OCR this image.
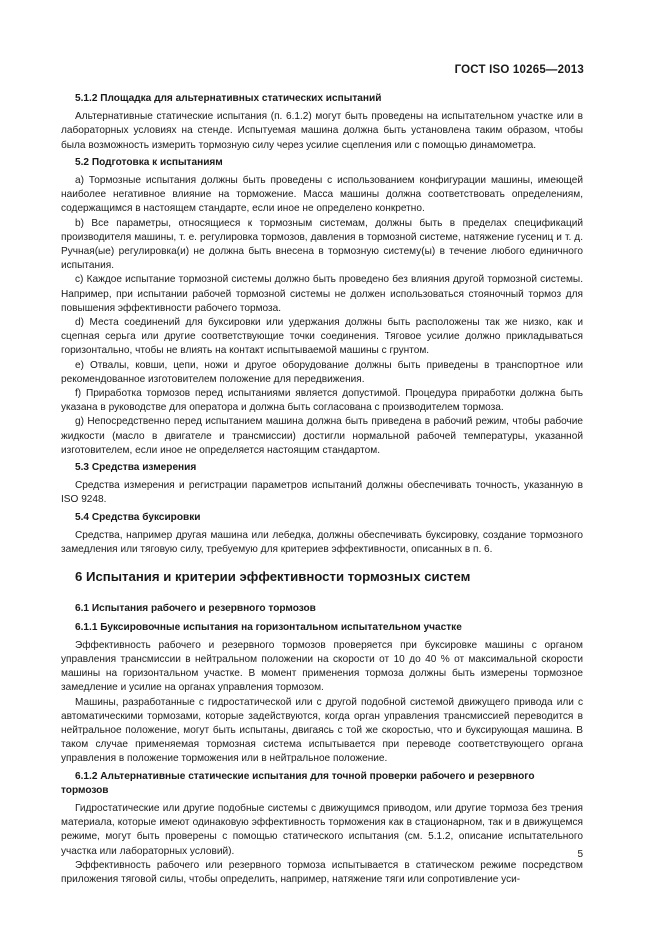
ГОСТ ISO 10265—2013
5.1.2 Площадка для альтернативных статических испытаний

Альтернативные статические испытания (п. 6.1.2) могут быть проведены на испытательном участке или в лабораторных условиях на стенде. Испытуемая машина должна быть установлена таким образом, чтобы была возможность измерить тормозную силу через усилие сцепления или с помощью динамометра.

5.2 Подготовка к испытаниям

а) Тормозные испытания должны быть проведены с использованием конфигурации машины, имеющей наиболее негативное влияние на торможение. Масса машины должна соответствовать определениям, содержащимся в настоящем стандарте, если иное не определено конкретно.

b) Все параметры, относящиеся к тормозным системам, должны быть в пределах спецификаций производителя машины, т. е. регулировка тормозов, давления в тормозной системе, натяжение гусениц и т. д. Ручная(ые) регулировка(и) не должна быть внесена в тормозную систему(ы) в течение любого единичного испытания.

с) Каждое испытание тормозной системы должно быть проведено без влияния другой тормозной системы. Например, при испытании рабочей тормозной системы не должен использоваться стояночный тормоз для повышения эффективности рабочего тормоза.

d) Места соединений для буксировки или удержания должны быть расположены так же низко, как и сцепная серьга или другие соответствующие точки соединения. Тяговое усилие должно прикладываться горизонтально, чтобы не влиять на контакт испытываемой машины с грунтом.

е) Отвалы, ковши, цепи, ножи и другое оборудование должны быть приведены в транспортное или рекомендованное изготовителем положение для передвижения.

f) Приработка тормозов перед испытаниями является допустимой. Процедура приработки должна быть указана в руководстве для оператора и должна быть согласована с производителем тормоза.

g) Непосредственно перед испытанием машина должна быть приведена в рабочий режим, чтобы рабочие жидкости (масло в двигателе и трансмиссии) достигли нормальной рабочей температуры, указанной изготовителем, если иное не определяется настоящим стандартом.

5.3 Средства измерения

Средства измерения и регистрации параметров испытаний должны обеспечивать точность, указанную в ISO 9248.

5.4 Средства буксировки

Средства, например другая машина или лебедка, должны обеспечивать буксировку, создание тормозного замедления или тяговую силу, требуемую для критериев эффективности, описанных в п. 6.

6 Испытания и критерии эффективности тормозных систем
6.1 Испытания рабочего и резервного тормозов
6.1.1 Буксировочные испытания на горизонтальном испытательном участке

Эффективность рабочего и резервного тормозов проверяется при буксировке машины с органом управления трансмиссии в нейтральном положении на скорости от 10 до 40 % от максимальной скорости машины на горизонтальном участке. В момент применения тормоза должны быть измерены тормозное замедление и усилие на органах управления тормозом.

Машины, разработанные с гидростатической или с другой подобной системой движущего привода или с автоматическими тормозами, которые задействуются, когда орган управления трансмиссией переводится в нейтральное положение, могут быть испытаны, двигаясь с той же скоростью, что и буксирующая машина. В таком случае применяемая тормозная система испытывается при переводе соответствующего органа управления в положение торможения или в нейтральное положение.

6.1.2 Альтернативные статические испытания для точной проверки рабочего и резервного тормозов

Гидростатические или другие подобные системы с движущимся приводом, или другие тормоза без трения материала, которые имеют одинаковую эффективность торможения как в стационарном, так и в движущемся режиме, могут быть проверены с помощью статического испытания (см. 5.1.2, описание испытательного участка или лабораторных условий).

Эффективность рабочего или резервного тормоза испытывается в статическом режиме посредством приложения тяговой силы, чтобы определить, например, натяжение тяги или сопротивление уси-

5
